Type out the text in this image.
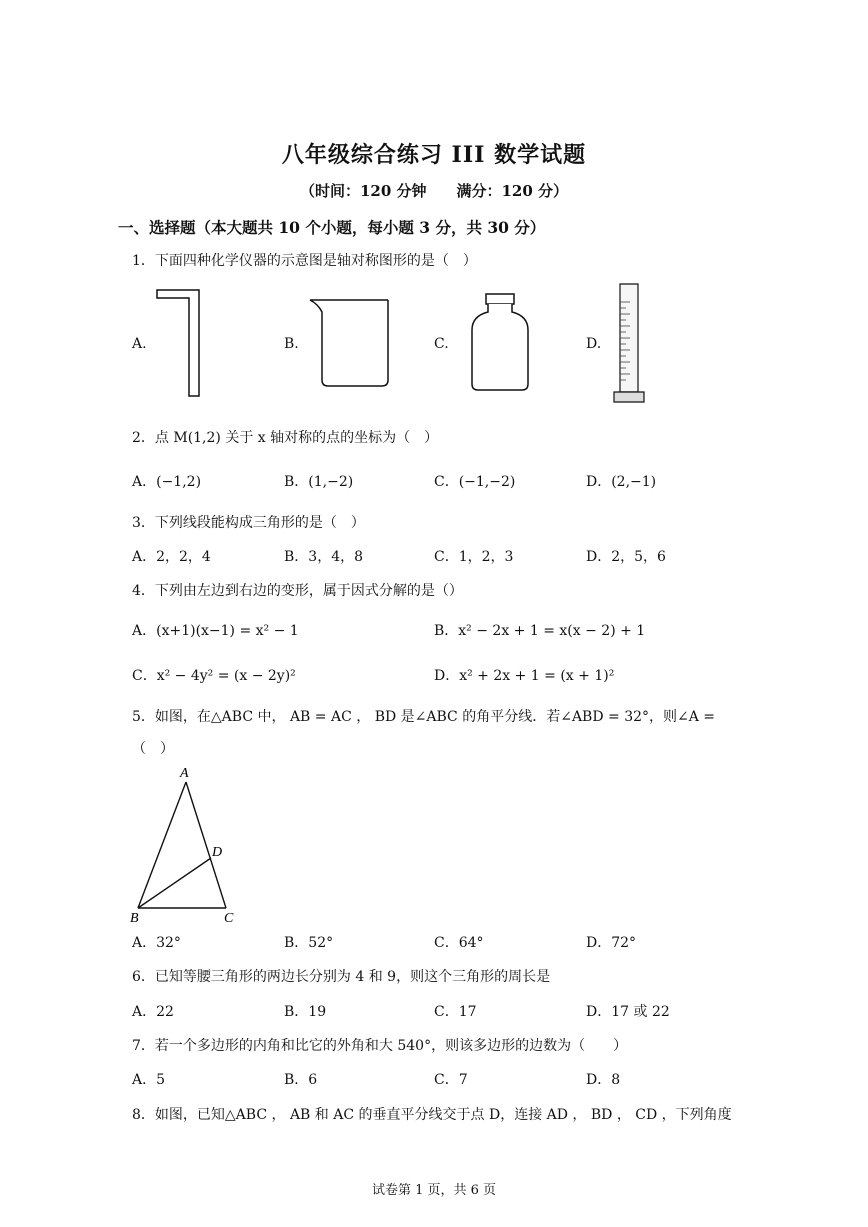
八年级综合练习 III 数学试题
（时间：120 分钟　　满分：120 分）
一、选择题（本大题共 10 个小题，每小题 3 分，共 30 分）
1．下面四种化学仪器的示意图是轴对称图形的是（　）
A.	B.	C.	D.
2．点 M(1,2) 关于 x 轴对称的点的坐标为（　）
A．(−1,2)	B．(1,−2)	C．(−1,−2)	D．(2,−1)
3．下列线段能构成三角形的是（　）
A．2，2，4	B．3，4，8	C．1，2，3	D．2，5，6
4．下列由左边到右边的变形，属于因式分解的是（）
A．(x+1)(x−1) = x² − 1	B．x² − 2x + 1 = x(x − 2) + 1
C．x² − 4y² = (x − 2y)²	D．x² + 2x + 1 = (x + 1)²
5．如图，在△ABC 中， AB = AC ， BD 是∠ABC 的角平分线．若∠ABD = 32°，则∠A =
（　）
A
B	C
D
A．32°	B．52°	C．64°	D．72°
6．已知等腰三角形的两边长分别为 4 和 9，则这个三角形的周长是
A．22	B．19	C．17	D．17 或 22
7．若一个多边形的内角和比它的外角和大 540°，则该多边形的边数为（　　）
A．5	B．6	C．7	D．8
8．如图，已知△ABC ， AB 和 AC 的垂直平分线交于点 D，连接 AD ， BD ， CD ，下列角度
试卷第 1 页，共 6 页
